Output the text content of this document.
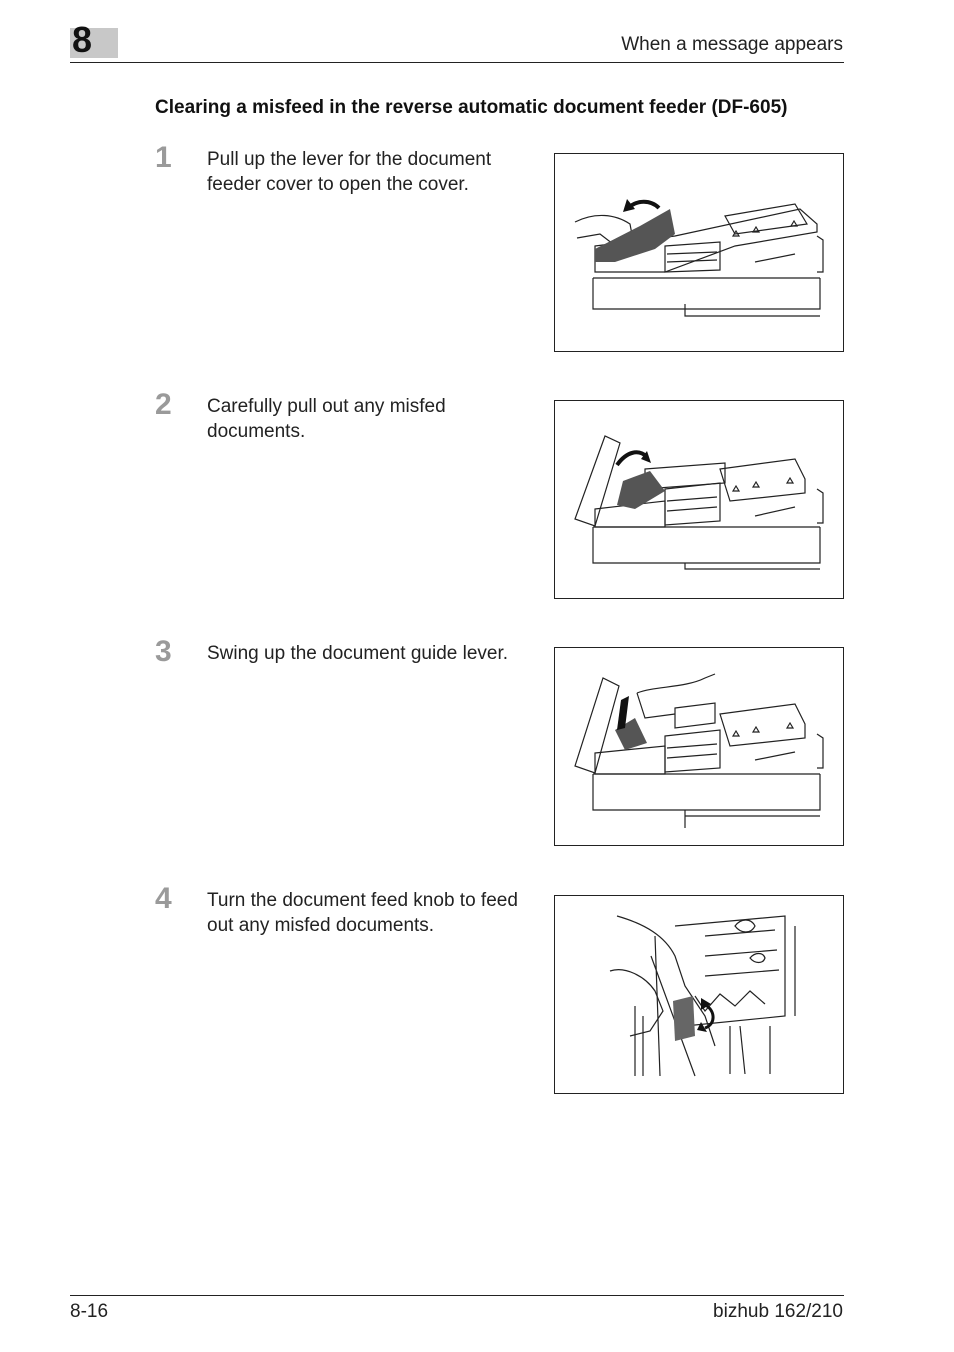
8	When a message appears
Clearing a misfeed in the reverse automatic document feeder (DF-605)
1 Pull up the lever for the document feeder cover to open the cover.
2 Carefully pull out any misfed documents.
3 Swing up the document guide lever.
4 Turn the document feed knob to feed out any misfed documents.
8-16	bizhub 162/210
